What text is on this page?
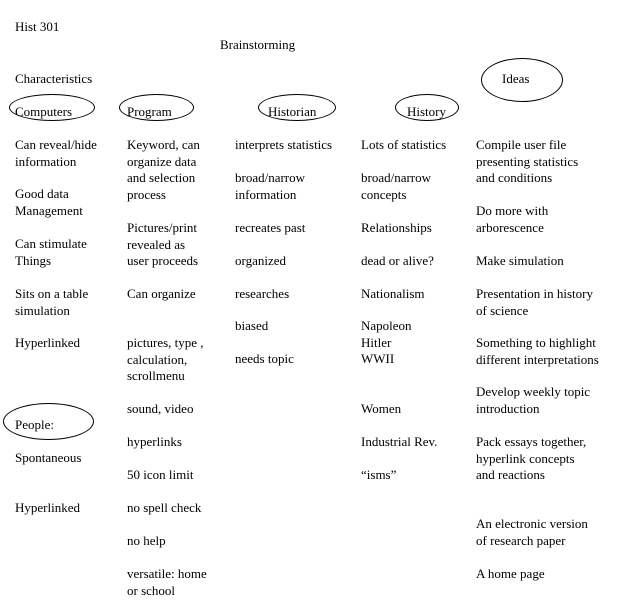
Hist 301
Brainstorming
Characteristics	Ideas
Computers	Program	Historian	History
Can reveal/hide
information
Good data
Management
Can stimulate
Things
Sits on a table
simulation
Hyperlinked
People:
Spontaneous
Hyperlinked
Keyword, can
organize data
and selection
process
Pictures/print
revealed as
user proceeds
Can organize
pictures, type ,
calculation,
scrollmenu
sound, video
hyperlinks
50 icon limit
no spell check
no help
versatile: home
or school
interprets statistics
broad/narrow
information
recreates past
organized
researches
biased
needs topic
Lots of statistics
broad/narrow
concepts
Relationships
dead or alive?
Nationalism
Napoleon
Hitler
WWII
Women
Industrial Rev.
“isms”
Compile user file
presenting statistics
and conditions
Do more with
arborescence
Make simulation
Presentation in history
of science
Something to highlight
different interpretations
Develop weekly topic
introduction
Pack essays together,
hyperlink concepts
and reactions
An electronic version
of research paper
A home page
